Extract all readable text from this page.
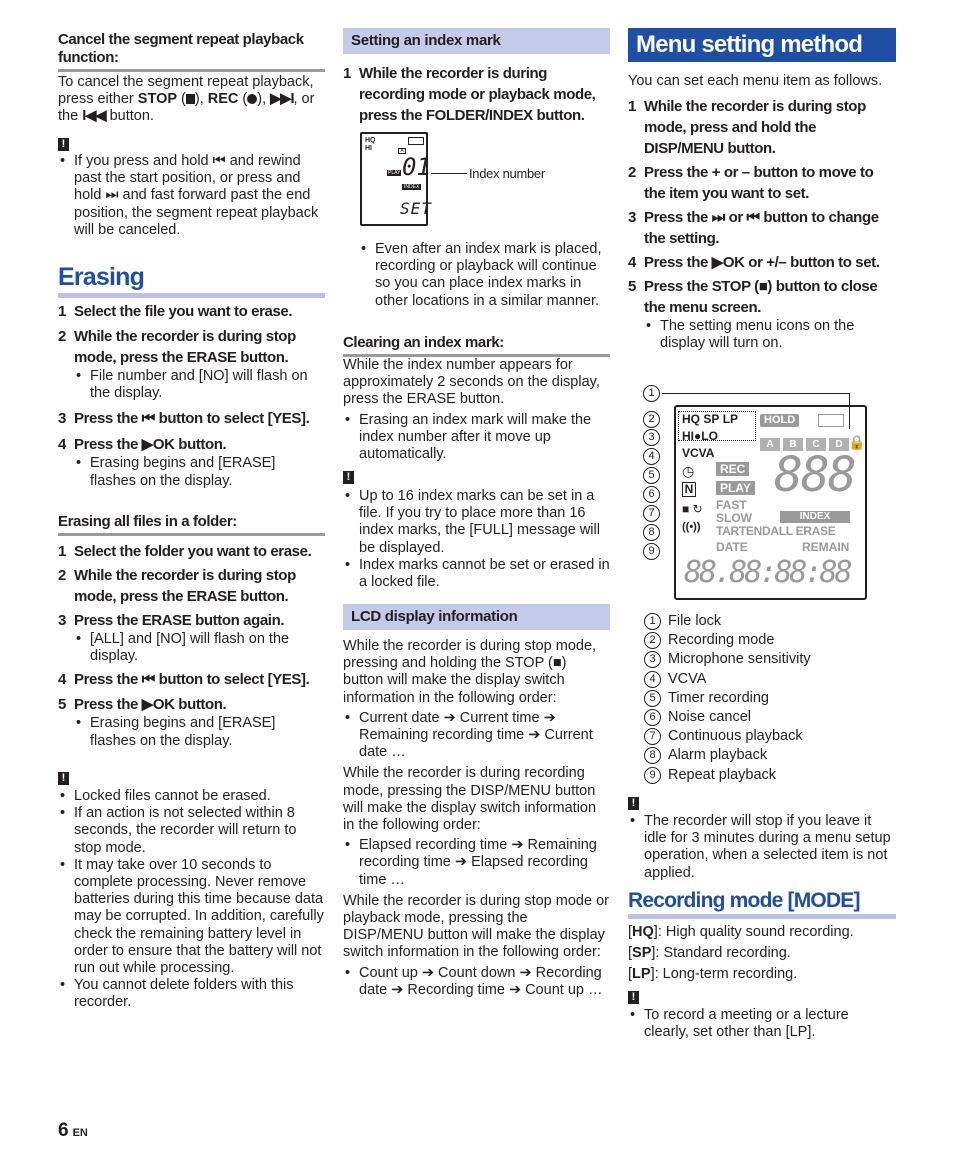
Cancel the segment repeat playback function:
To cancel the segment repeat playback, press either STOP ( ), REC ( ), ▶▶I, or the I◀◀ button.
!
• If you press and hold ⏮ and rewind past the start position, or press and hold ⏭ and fast forward past the end position, the segment repeat playback will be canceled.
Erasing
1 Select the file you want to erase.
2 While the recorder is during stop mode, press the ERASE button.
• File number and [NO] will flash on the display.
3 Press the ⏮ button to select [YES].
4 Press the ▶OK button.
• Erasing begins and [ERASE] flashes on the display.
Erasing all files in a folder:
1 Select the folder you want to erase.
2 While the recorder is during stop mode, press the ERASE button.
3 Press the ERASE button again.
• [ALL] and [NO] will flash on the display.
4 Press the ⏮ button to select [YES].
5 Press the ▶OK button.
• Erasing begins and [ERASE] flashes on the display.
!
• Locked files cannot be erased.
• If an action is not selected within 8 seconds, the recorder will return to stop mode.
• It may take over 10 seconds to complete processing. Never remove batteries during this time because data may be corrupted. In addition, carefully check the remaining battery level in order to ensure that the battery will not run out while processing.
• You cannot delete folders with this recorder.
Setting an index mark
1 While the recorder is during recording mode or playback mode, press the FOLDER/INDEX button.
HQ
HI	A
PLAY 01
INDEX
SET
Index number
• Even after an index mark is placed, recording or playback will continue so you can place index marks in other locations in a similar manner.
Clearing an index mark:
While the index number appears for approximately 2 seconds on the display, press the ERASE button.
• Erasing an index mark will make the index number after it move up automatically.
!
• Up to 16 index marks can be set in a file. If you try to place more than 16 index marks, the [FULL] message will be displayed.
• Index marks cannot be set or erased in a locked file.
LCD display information
While the recorder is during stop mode, pressing and holding the STOP (■) button will make the display switch information in the following order:
• Current date ➔ Current time ➔ Remaining recording time ➔ Current date …
While the recorder is during recording mode, pressing the DISP/MENU button will make the display switch information in the following order:
• Elapsed recording time ➔ Remaining recording time ➔ Elapsed recording time …
While the recorder is during stop mode or playback mode, pressing the DISP/MENU button will make the display switch information in the following order:
• Count up ➔ Count down ➔ Recording date ➔ Recording time ➔ Count up …
Menu setting method
You can set each menu item as follows.
1 While the recorder is during stop mode, press and hold the DISP/MENU button.
2 Press the + or – button to move to the item you want to set.
3 Press the ⏭ or ⏮ button to change the setting.
4 Press the ▶OK or +/– button to set.
5 Press the STOP (■) button to close the menu screen.
• The setting menu icons on the display will turn on.
1
2
3
4
5
6
7
8
9
HQ SP LP	HOLD
HI●LO
A	B	C	D 🔒
VCVA
◷
N
■ ↻
((•))
REC
PLAY
FAST
SLOW
888
INDEX
TARTENDALL ERASE
DATE	REMAIN
88.88:88:88
1 File lock
2 Recording mode
3 Microphone sensitivity
4 VCVA
5 Timer recording
6 Noise cancel
7 Continuous playback
8 Alarm playback
9 Repeat playback
!
• The recorder will stop if you leave it idle for 3 minutes during a menu setup operation, when a selected item is not applied.
Recording mode [MODE]
[HQ]: High quality sound recording.
[SP]: Standard recording.
[LP]: Long-term recording.
!
• To record a meeting or a lecture clearly, set other than [LP].
6 EN
